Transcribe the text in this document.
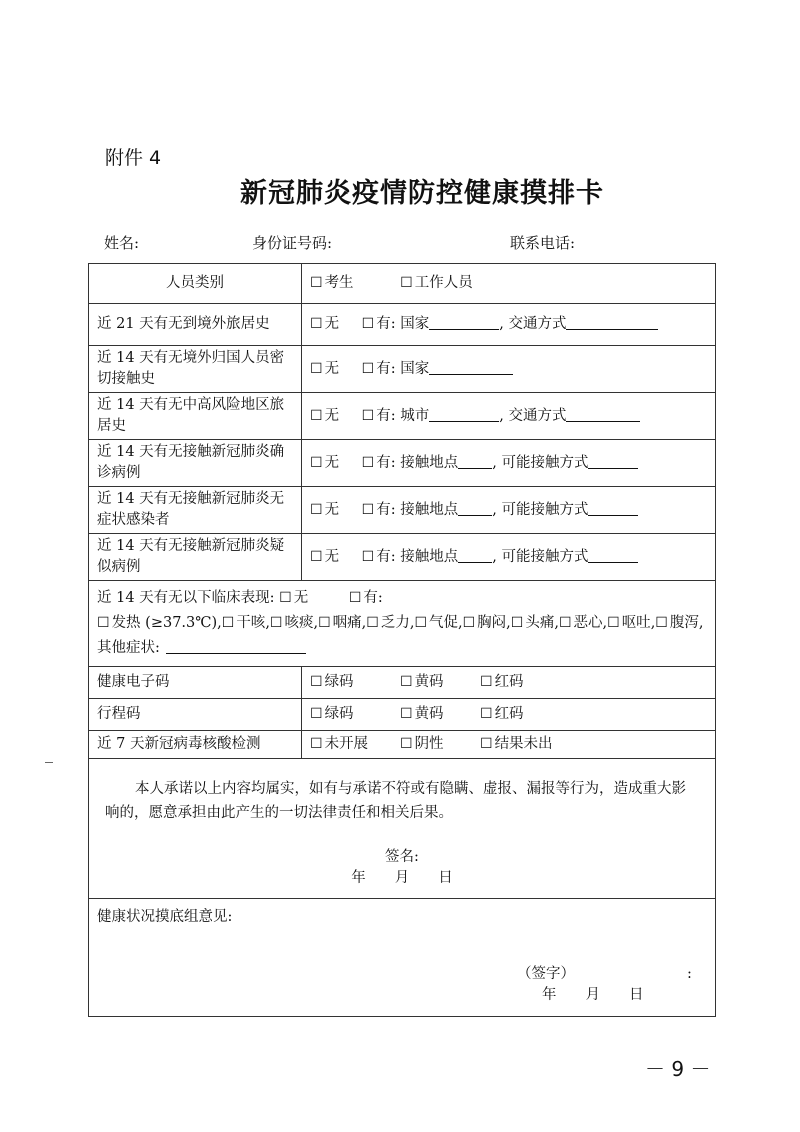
附件 4
新冠肺炎疫情防控健康摸排卡
姓名:	身份证号码:	联系电话:
人员类别	☐ 考生 ☐ 工作人员
近 21 天有无到境外旅居史	☐ 无 ☐ 有: 国家 , 交通方式
近 14 天有无境外归国人员密切接触史	☐ 无 ☐ 有: 国家
近 14 天有无中高风险地区旅居史	☐ 无 ☐ 有: 城市 , 交通方式
近 14 天有无接触新冠肺炎确诊病例	☐ 无 ☐ 有: 接触地点 , 可能接触方式
近 14 天有无接触新冠肺炎无症状感染者	☐ 无 ☐ 有: 接触地点 , 可能接触方式
近 14 天有无接触新冠肺炎疑似病例	☐ 无 ☐ 有: 接触地点 , 可能接触方式
近 14 天有无以下临床表现: ☐ 无 ☐ 有:
☐ 发热 (≥37.3℃),☐ 干咳,☐ 咳痰,☐ 咽痛,☐ 乏力,☐ 气促,☐ 胸闷,☐ 头痛,☐ 恶心,☐ 呕吐,☐ 腹泻,其他症状:	
健康电子码	☐ 绿码 ☐ 黄码 ☐ 红码
行程码	☐ 绿码 ☐ 黄码 ☐ 红码
近 7 天新冠病毒核酸检测	☐ 未开展 ☐ 阴性 ☐ 结果未出

本人承诺以上内容均属实，如有与承诺不符或有隐瞒、虚报、漏报等行为，造成重大影响的，愿意承担由此产生的一切法律责任和相关后果。
签名:
年　　月　　日	

健康状况摸底组意见:
（签字） :
年　　月　　日	
－ 9 －
